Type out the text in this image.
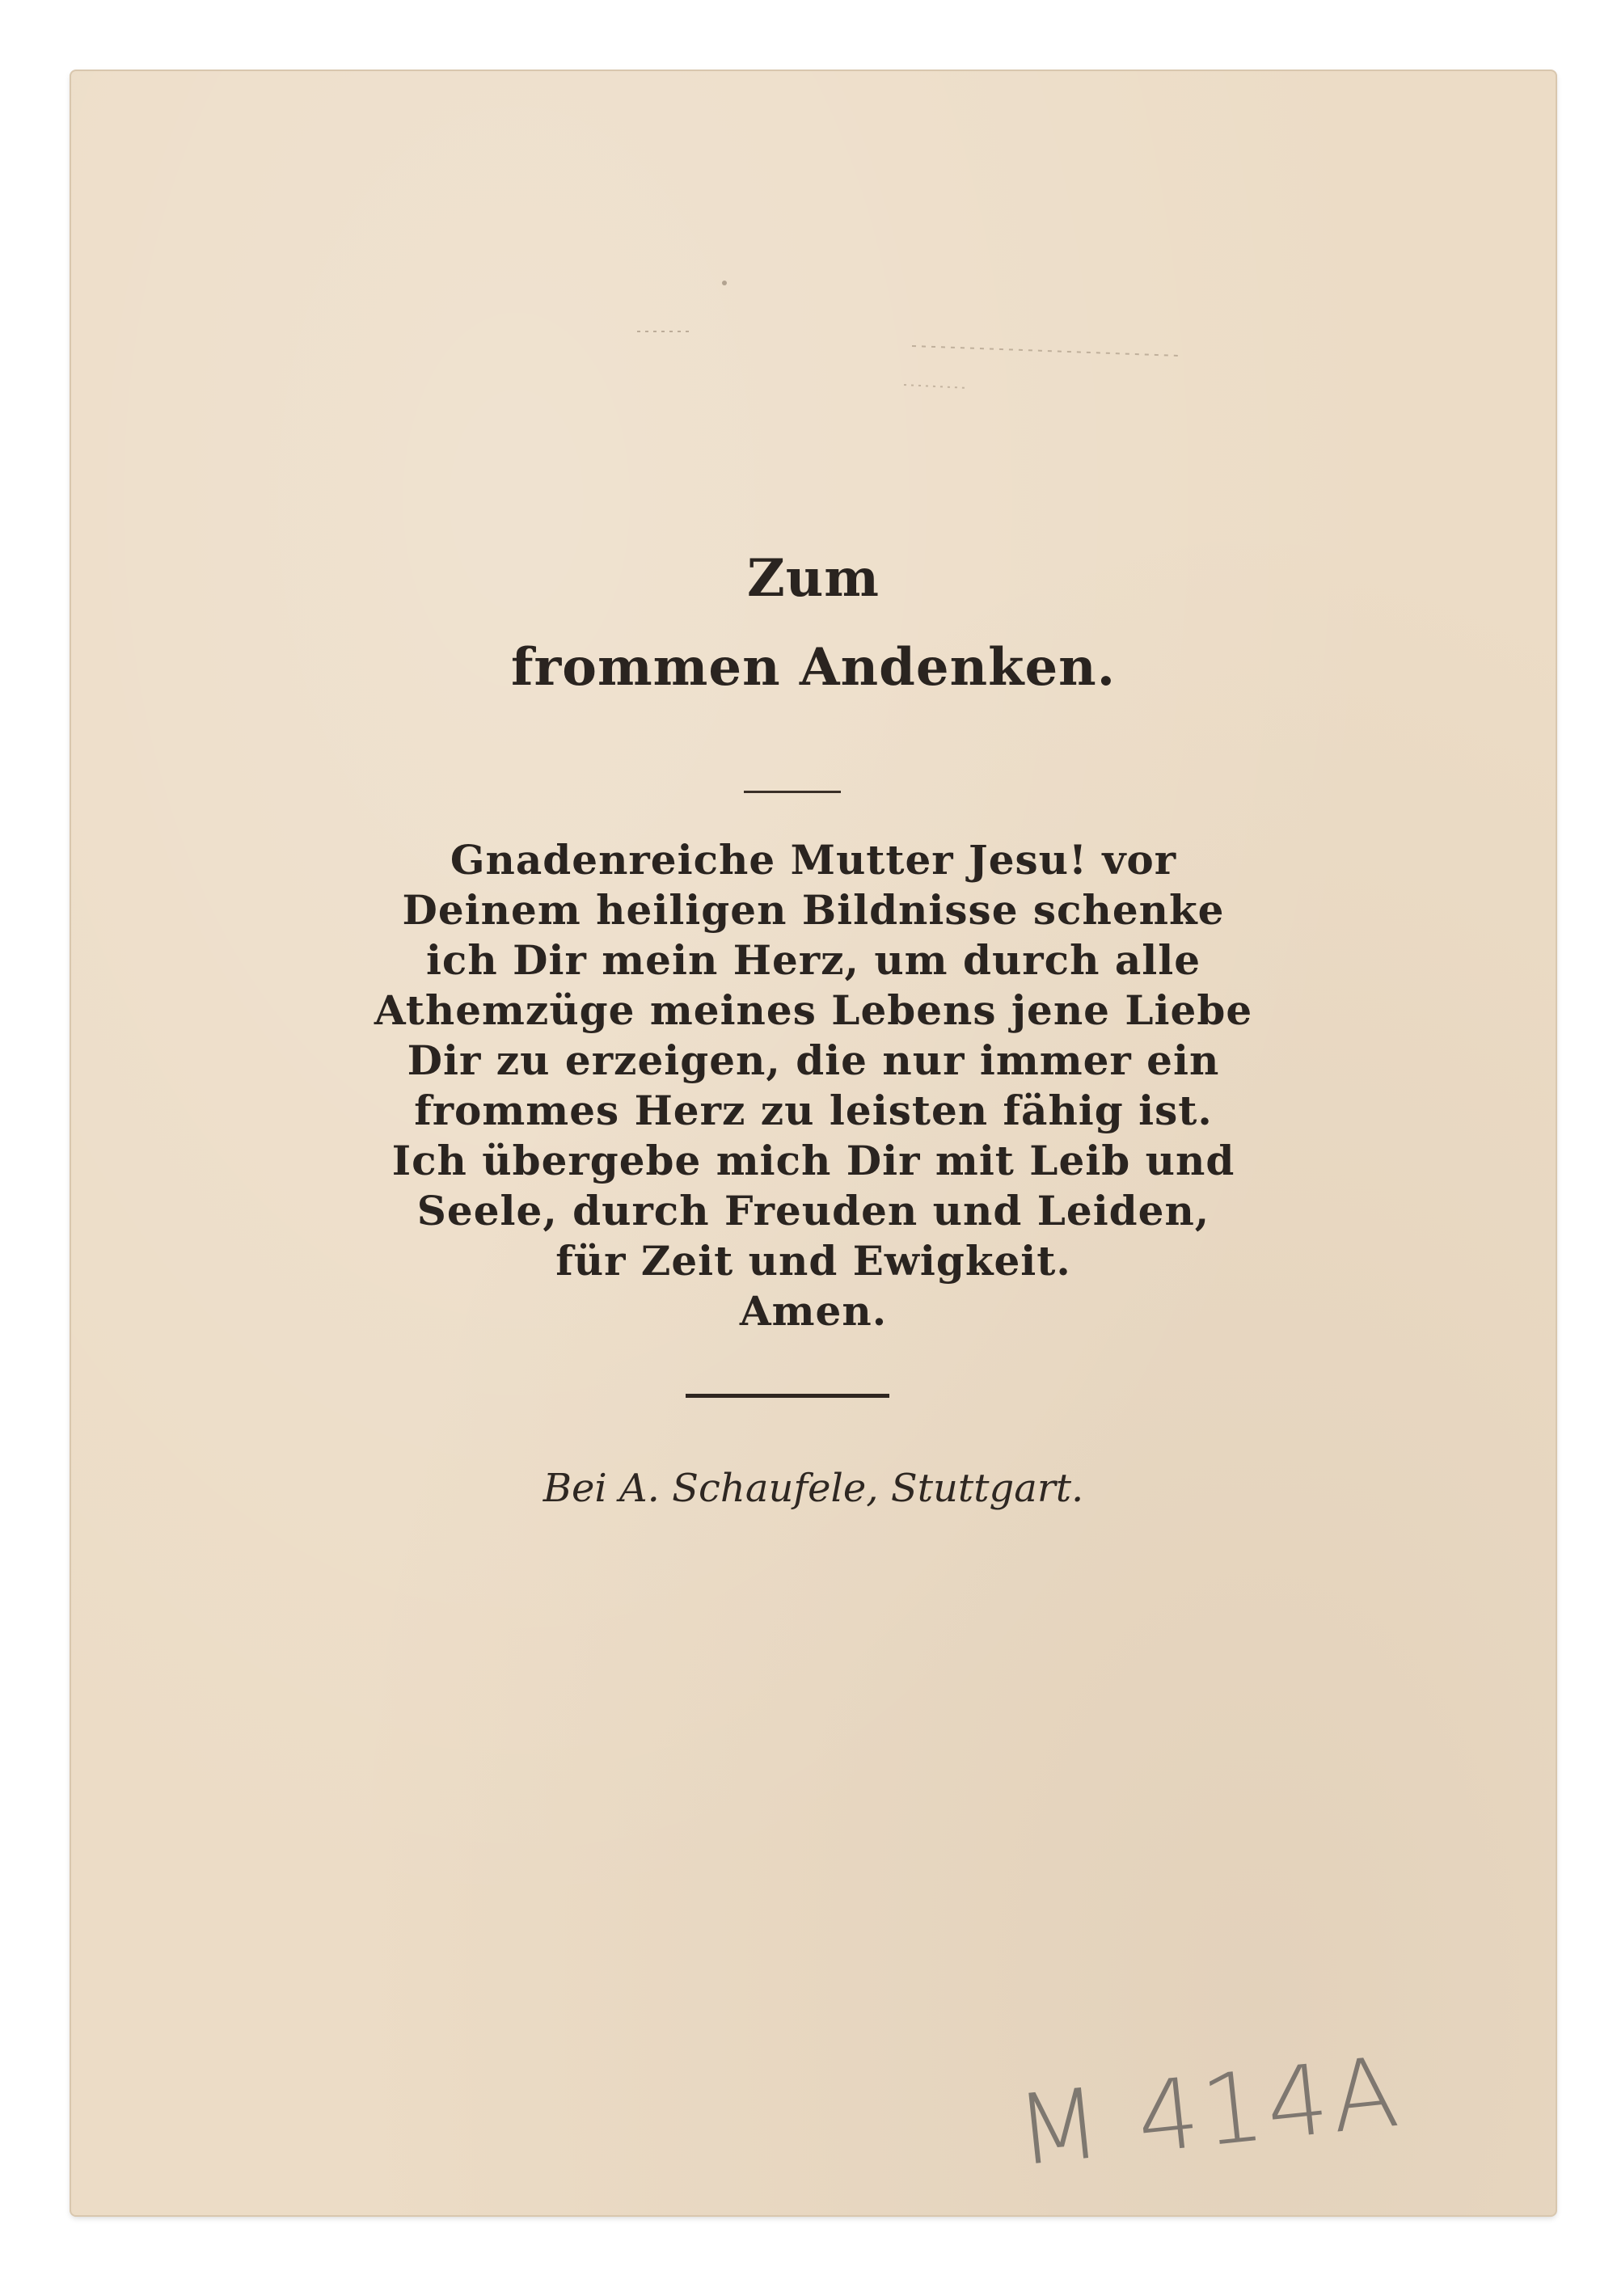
Zum
frommen Andenken.
Gnadenreiche Mutter Jesu! vor
Deinem heiligen Bildnisse schenke
ich Dir mein Herz, um durch alle
Athemzüge meines Lebens jene Liebe
Dir zu erzeigen, die nur immer ein
frommes Herz zu leisten fähig ist.
Ich übergebe mich Dir mit Leib und
Seele, durch Freuden und Leiden,
für Zeit und Ewigkeit.
Amen.
Bei A. Schaufele, Stuttgart.
M 414A
